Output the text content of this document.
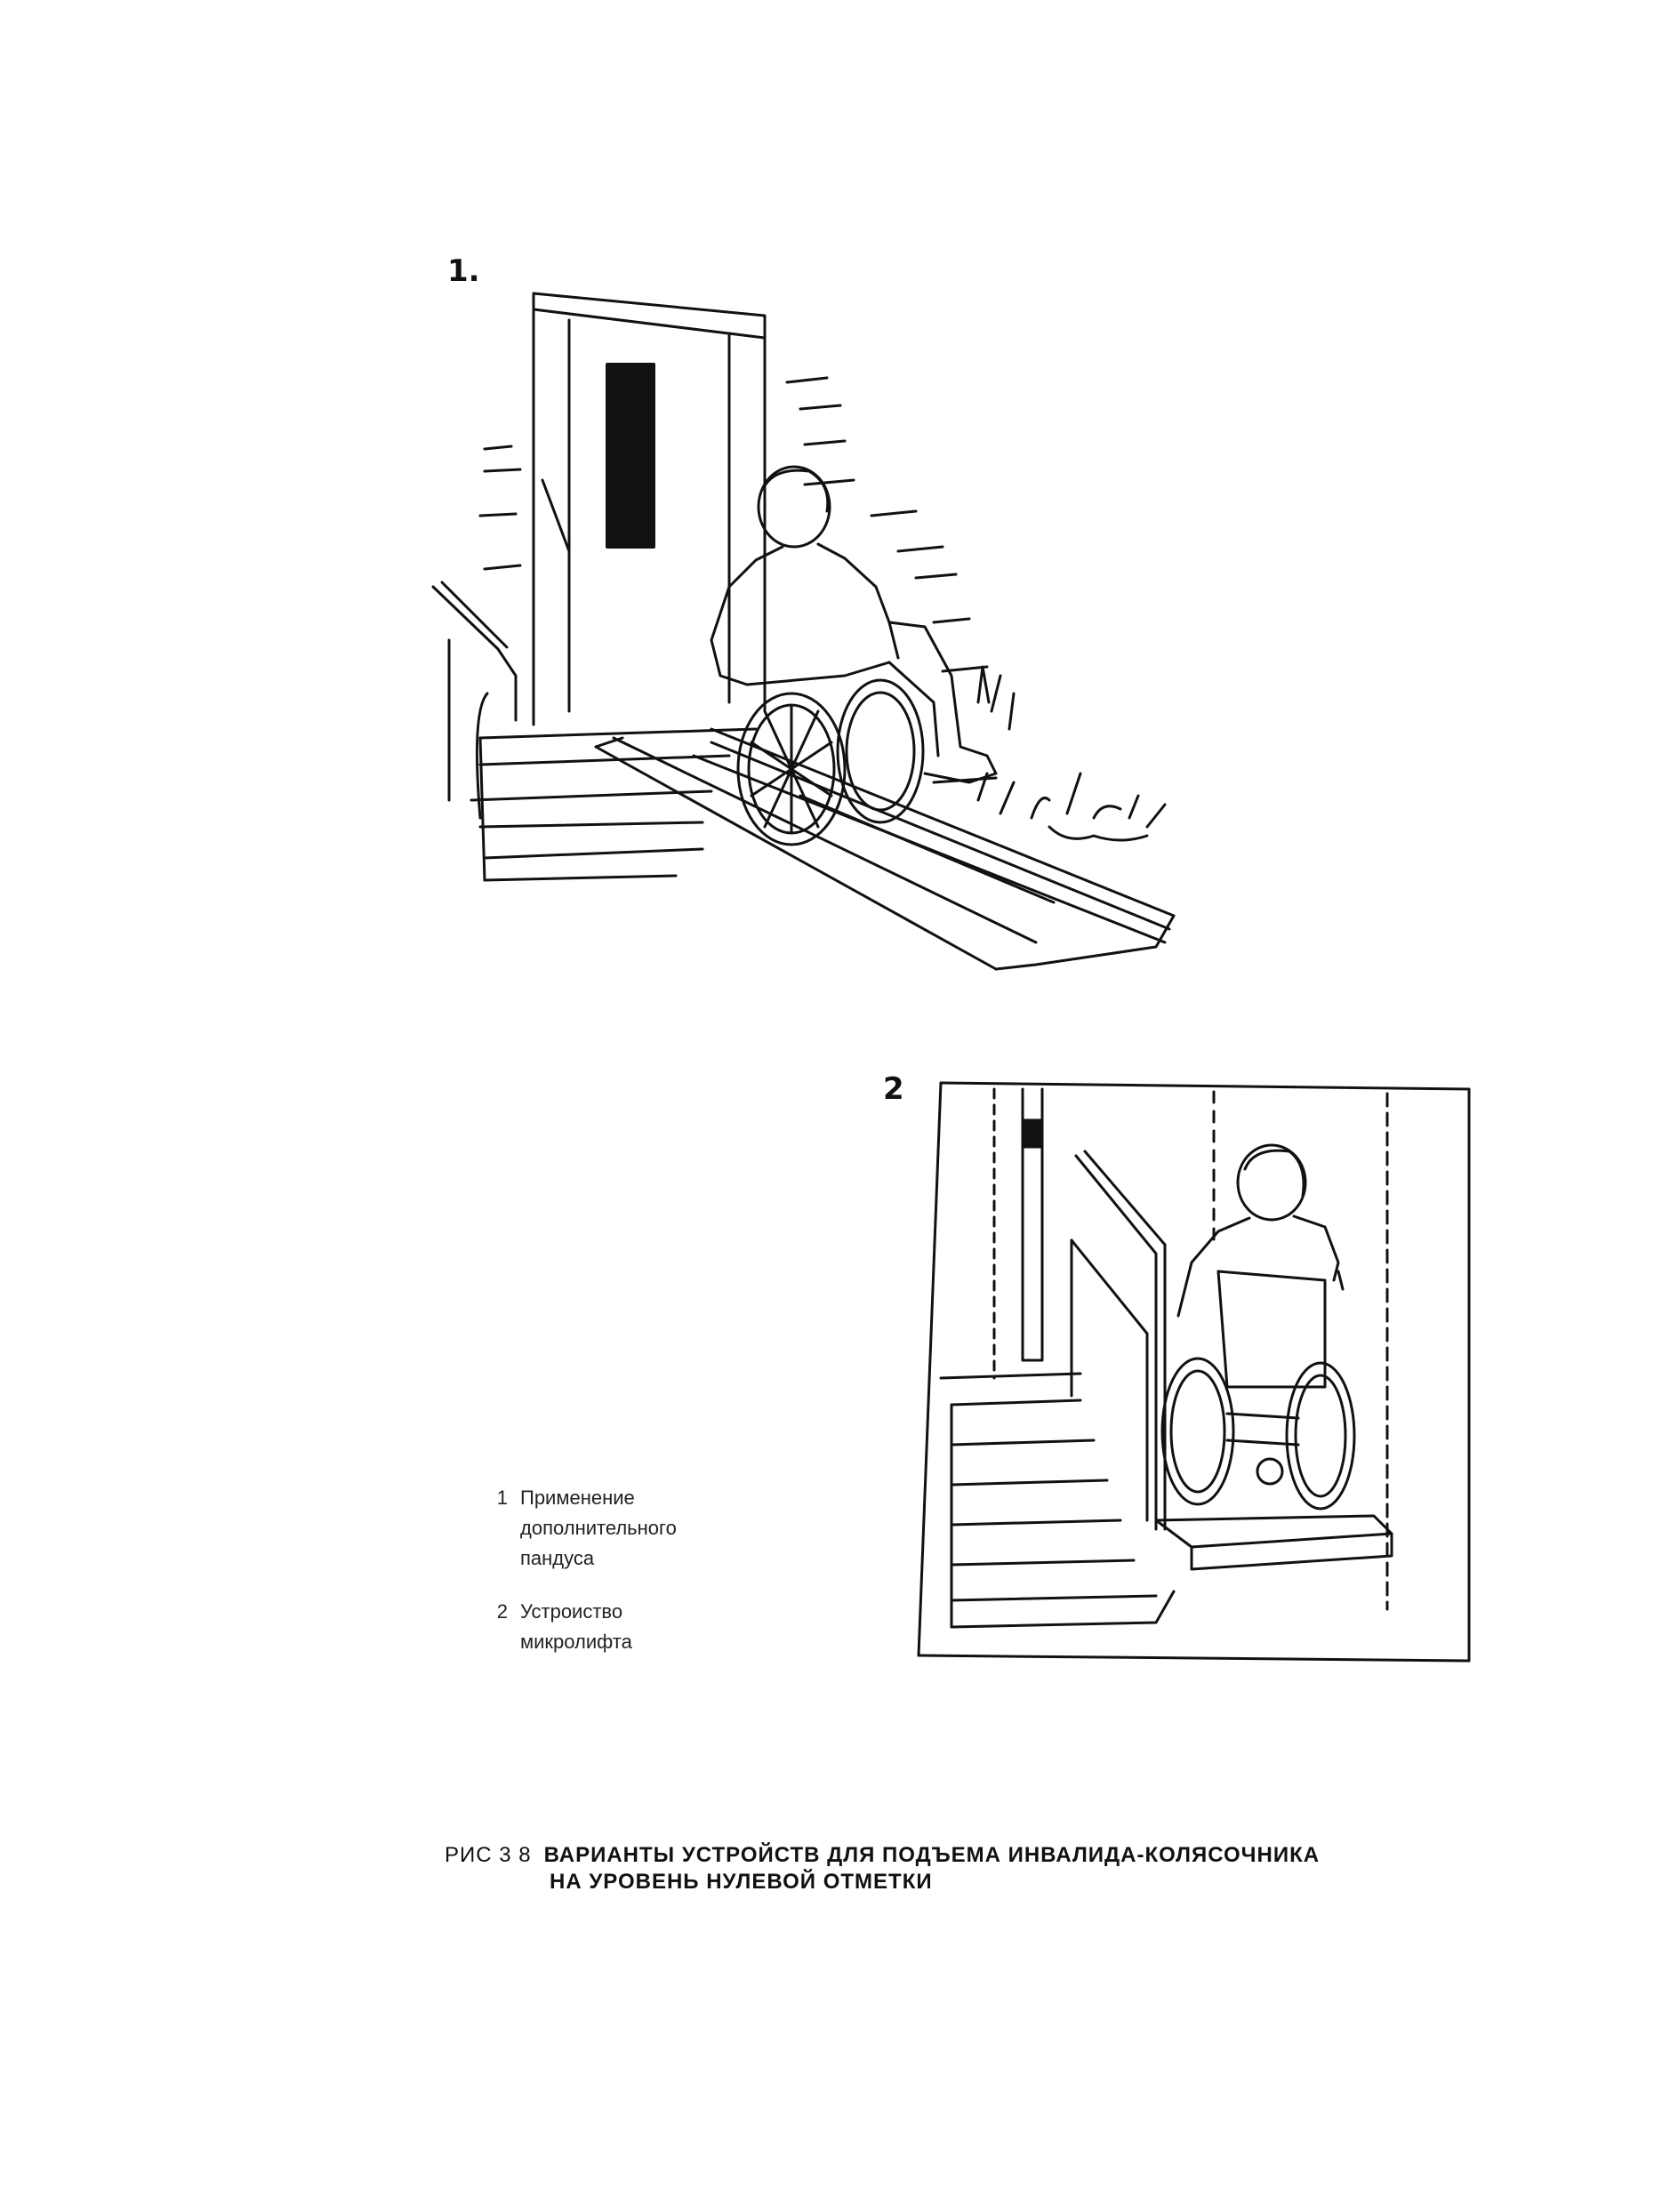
1.
2
1 Применение
дополнительного
пандуса
2 Устроиство
микролифта
РИС 3 8 ВАРИАНТЫ УСТРОЙСТВ ДЛЯ ПОДЪЕМА ИНВАЛИДА-КОЛЯСОЧНИКА
НА УРОВЕНЬ НУЛЕВОЙ ОТМЕТКИ
